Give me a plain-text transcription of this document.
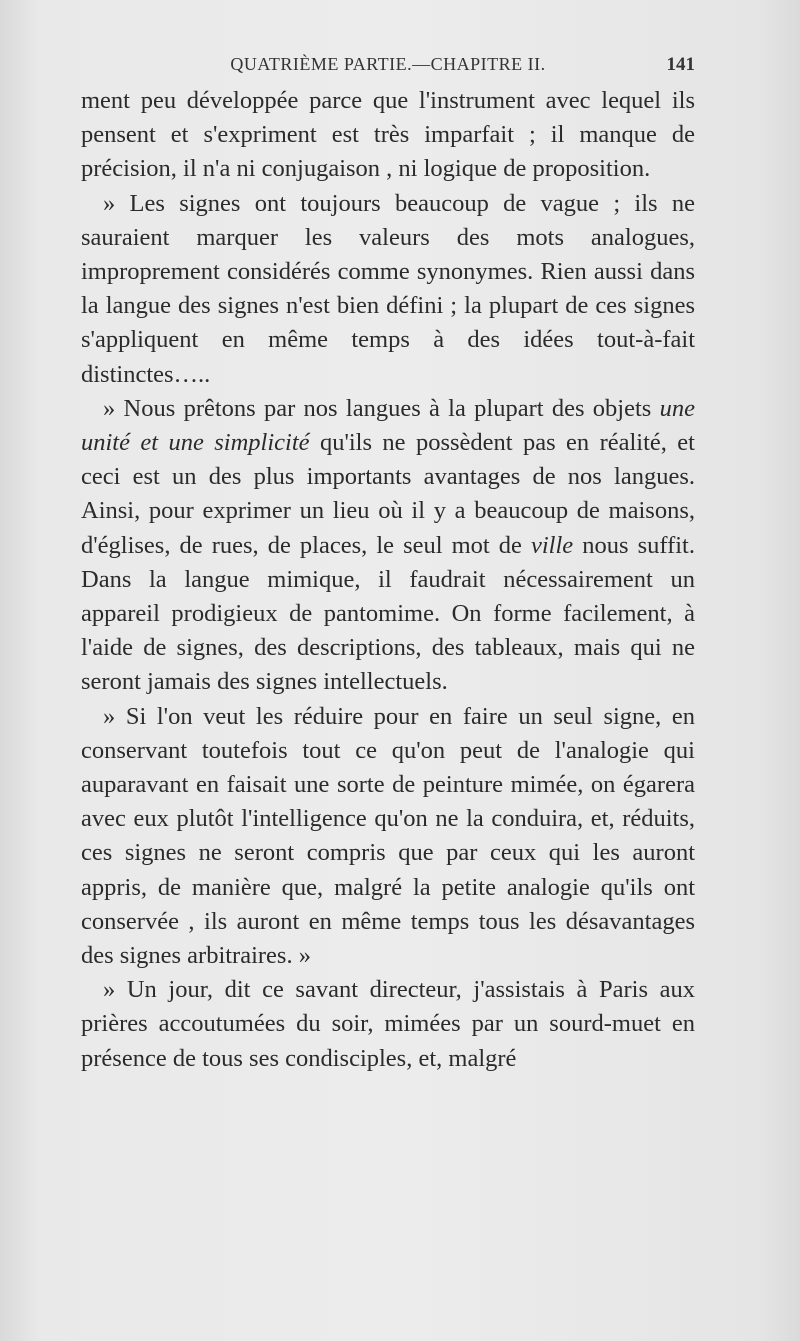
QUATRIÈME PARTIE.—CHAPITRE II.	141

ment peu développée parce que l'instrument avec lequel ils pensent et s'expriment est très imparfait ; il manque de précision, il n'a ni conjugaison , ni logique de proposition.

» Les signes ont toujours beaucoup de vague ; ils ne sauraient marquer les valeurs des mots analogues, improprement considérés comme synonymes. Rien aussi dans la langue des signes n'est bien défini ; la plupart de ces signes s'appliquent en même temps à des idées tout-à-fait distinctes…..

» Nous prêtons par nos langues à la plupart des objets une unité et une simplicité qu'ils ne possèdent pas en réalité, et ceci est un des plus importants avantages de nos langues. Ainsi, pour exprimer un lieu où il y a beaucoup de maisons, d'églises, de rues, de places, le seul mot de ville nous suffit. Dans la langue mimique, il faudrait nécessairement un appareil prodigieux de pantomime. On forme facilement, à l'aide de signes, des descriptions, des tableaux, mais qui ne seront jamais des signes intellectuels.

» Si l'on veut les réduire pour en faire un seul signe, en conservant toutefois tout ce qu'on peut de l'analogie qui auparavant en faisait une sorte de peinture mimée, on égarera avec eux plutôt l'intelligence qu'on ne la conduira, et, réduits, ces signes ne seront compris que par ceux qui les auront appris, de manière que, malgré la petite analogie qu'ils ont conservée , ils auront en même temps tous les désavantages des signes arbitraires. »

» Un jour, dit ce savant directeur, j'assistais à Paris aux prières accoutumées du soir, mimées par un sourd-muet en présence de tous ses condisciples, et, malgré
